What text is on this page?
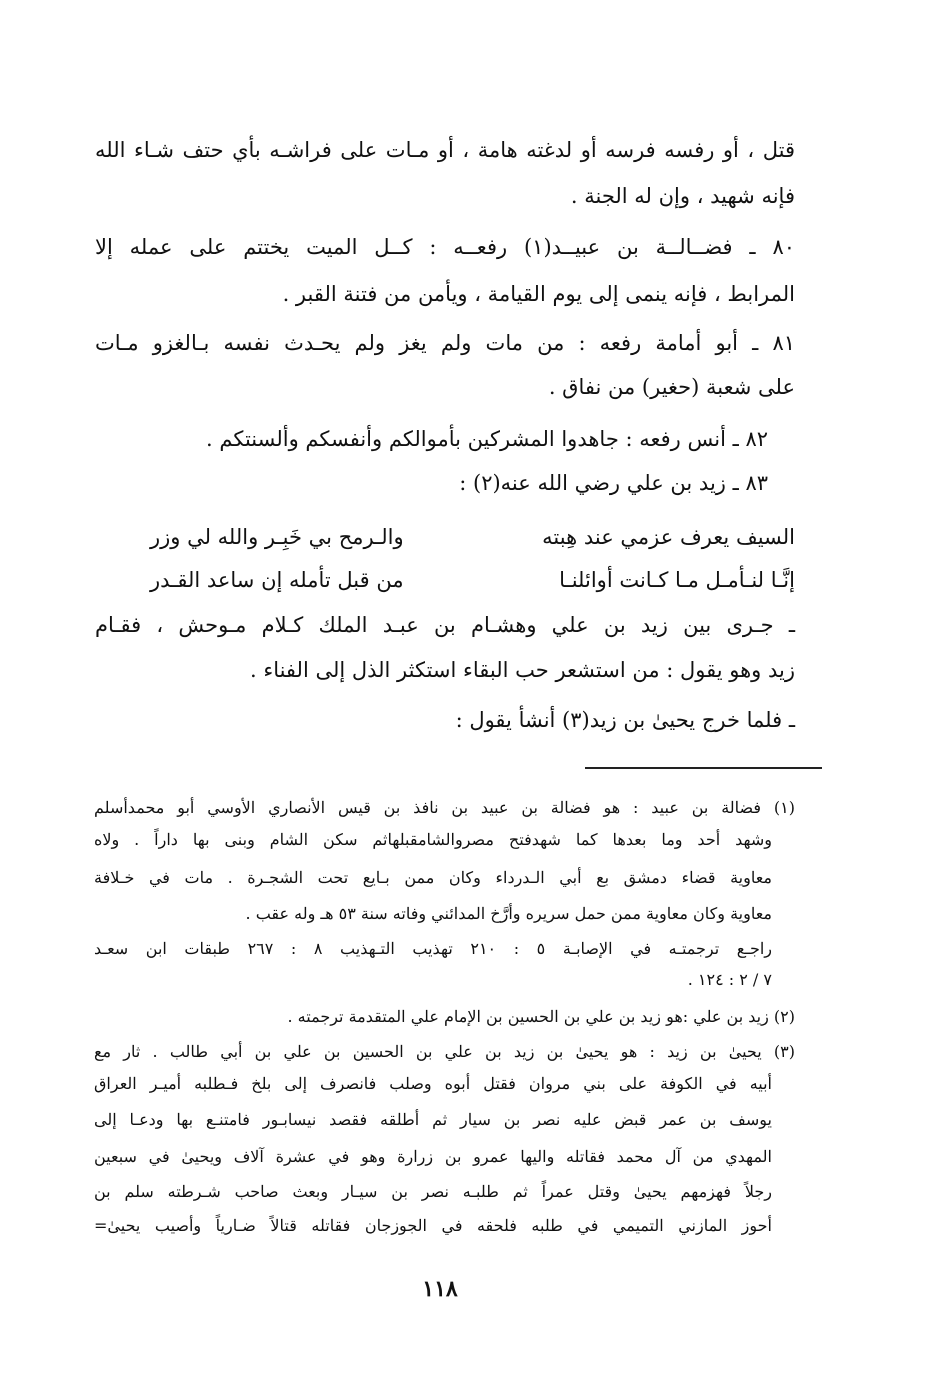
قتل ، أو رفسه فرسه أو لدغته هامة ، أو مـات على فراشـه بأي حتف شـاء الله
فإنه شهيد ، وإن له الجنة .
٨٠ ـ فضــالــة بن عبيــد(١) رفعــه : كــل الميت يختتم على عمله إلا
المرابط ، فإنه ينمى إلى يوم القيامة ، ويأمن من فتنة القبر .
٨١ ـ أبو أمامة رفعه : من مات ولم يغز ولم يحـدث نفسه بـالغزو مـات
على شعبة (حغير) من نفاق .
٨٢ ـ أنس رفعه : جاهدوا المشركين بأموالكم وأنفسكم وألسنتكم .
٨٣ ـ زيد بن علي رضي الله عنه(٢) :
السيف يعرف عزمي عند هِبته
والـرمح بي خَبِـر والله لي وزر
إنَّـا لنـأمـل مـا كـانت أوائلنـا
من قبل تأمله إن ساعد القـدر
ـ جـرى بين زيد بن علي وهشـام بن عبـد الملك كـلام مـوحش ، فقـام
زيد وهو يقول : من استشعر حب البقاء استكثر الذل إلى الفناء .
ـ فلما خرج يحيىٰ بن زيد(٣) أنشأ يقول :
(١) فضالة بن عبيد : هو فضالة بن عبيد بن نافذ بن قيس الأنصاري الأوسي أبو محمدأسلم
وشهد أحد وما بعدها كما شهدفتح مصروالشامقبلهاثم سكن الشام وبنى بها داراً . ولاه
معاوية قضاء دمشق بع أبي الـدرداء وكان ممن بـايع تحت الشجـرة . مات في خـلافة
معاوية وكان معاوية ممن حمل سريره وأرَّخ المدائني وفاته سنة ٥٣ هـ وله عقب .
راجـع ترجمتـه في الإصابـة ٥ : ٢١٠ تهذيب التـهذيب ٨ : ٢٦٧ طبقات ابن سعـد
٧ / ٢ : ١٢٤ .
(٢) زيد بن علي :هو زيد بن علي بن الحسين بن الإمام علي المتقدمة ترجمته .
(٣) يحيىٰ بن زيد : هو يحيىٰ بن زيد بن علي بن الحسين بن علي بن أبي طالب . ثار مع
أبيه في الكوفة على بني مروان فقتل أبوه وصلب فانصرف إلى بلخ فـطلبه أميـر العراق
يوسف بن عمر قبض عليه نصر بن سيار ثم أطلقه فقصد نيسابـور فامتنـع بها ودعـا إلى
المهدي من آل محمد فقاتله واليها عمرو بن زرارة وهو في عشرة آلاف ويحيىٰ في سبعين
رجلاً فهزمهم يحيىٰ وقتل عمراً ثم طلبـه نصر بن سيـار وبعث صاحب شـرطته سلم بن
أحوز المازني التميمي في طلبه فلحقه في الجوزجان فقاتله قتالاً ضـارياً وأصيب يحيىٰ=
١١٨
